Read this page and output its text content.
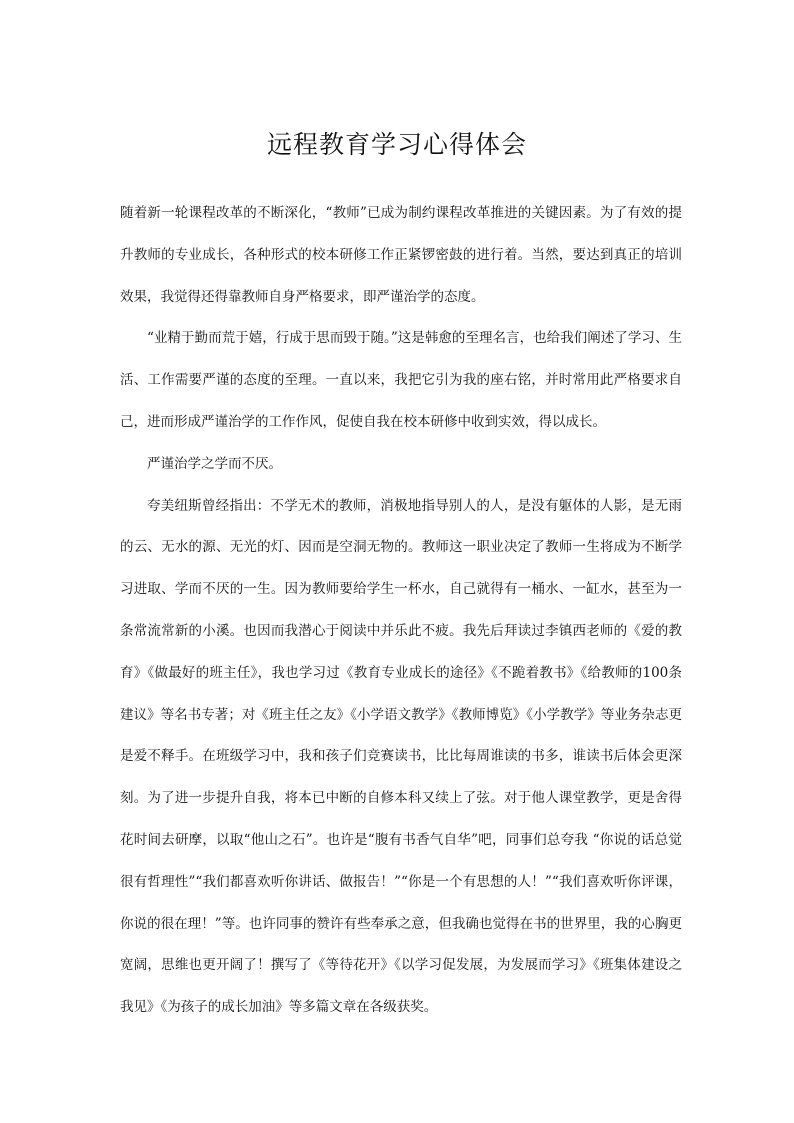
远程教育学习心得体会

随着新一轮课程改革的不断深化，“教师”已成为制约课程改革推进的关键因素。为了有效的提升教师的专业成长，各种形式的校本研修工作正紧锣密鼓的进行着。当然，要达到真正的培训效果，我觉得还得靠教师自身严格要求，即严谨治学的态度。

“业精于勤而荒于嬉，行成于思而毁于随。”这是韩愈的至理名言，也给我们阐述了学习、生活、工作需要严谨的态度的至理。一直以来，我把它引为我的座右铭，并时常用此严格要求自己，进而形成严谨治学的工作作风，促使自我在校本研修中收到实效，得以成长。

严谨治学之学而不厌。

夸美纽斯曾经指出：不学无术的教师，消极地指导别人的人，是没有躯体的人影，是无雨的云、无水的源、无光的灯、因而是空洞无物的。教师这一职业决定了教师一生将成为不断学习进取、学而不厌的一生。因为教师要给学生一杯水，自己就得有一桶水、一缸水，甚至为一条常流常新的小溪。也因而我潜心于阅读中并乐此不疲。我先后拜读过李镇西老师的《爱的教育》《做最好的班主任》，我也学习过《教育专业成长的途径》《不跪着教书》《给教师的100条建议》等名书专著；对《班主任之友》《小学语文教学》《教师博览》《小学教学》等业务杂志更是爱不释手。在班级学习中，我和孩子们竞赛读书，比比每周谁读的书多，谁读书后体会更深刻。为了进一步提升自我，将本已中断的自修本科又续上了弦。对于他人课堂教学，更是舍得花时间去研摩，以取“他山之石”。也许是“腹有书香气自华”吧，同事们总夸我 “你说的话总觉很有哲理性”“我们都喜欢听你讲话、做报告！”“你是一个有思想的人！”“我们喜欢听你评课，你说的很在理！”等。也许同事的赞许有些奉承之意，但我确也觉得在书的世界里，我的心胸更宽阔，思维也更开阔了！撰写了《等待花开》《以学习促发展，为发展而学习》《班集体建设之我见》《为孩子的成长加油》等多篇文章在各级获奖。
